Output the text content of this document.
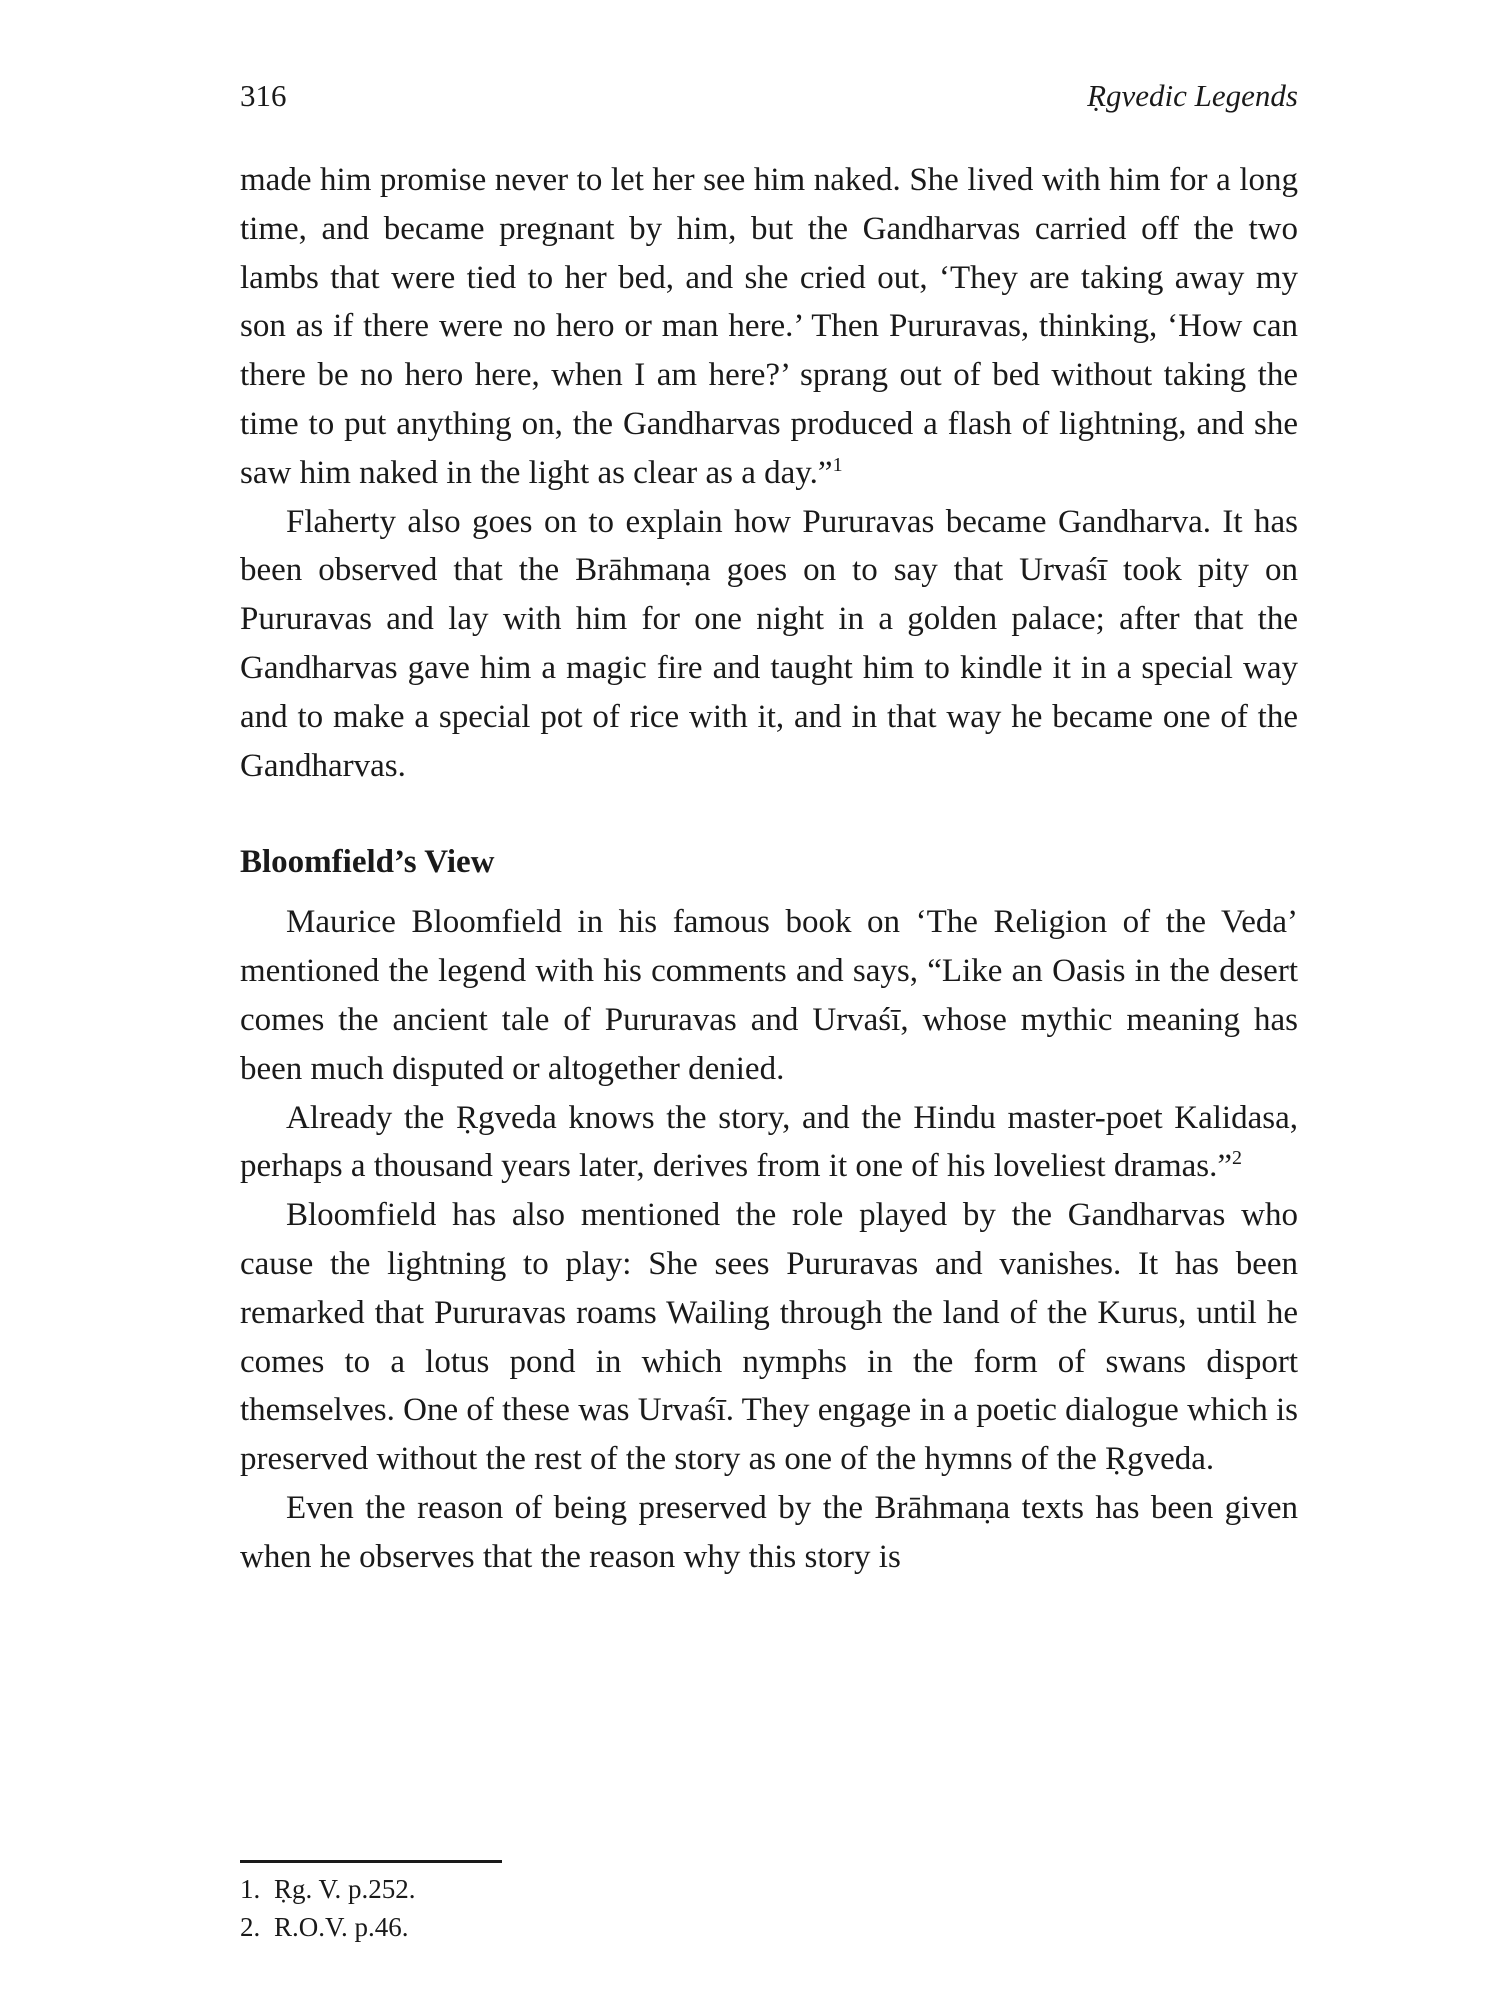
316	Ṛgvedic Legends

made him promise never to let her see him naked. She lived with him for a long time, and became pregnant by him, but the Gandharvas carried off the two lambs that were tied to her bed, and she cried out, ‘They are taking away my son as if there were no hero or man here.’ Then Pururavas, thinking, ‘How can there be no hero here, when I am here?’ sprang out of bed without taking the time to put anything on, the Gandharvas produced a flash of lightning, and she saw him naked in the light as clear as a day.”$^1$

Flaherty also goes on to explain how Pururavas became Gandharva. It has been observed that the Brāhmaṇa goes on to say that Urvaśī took pity on Pururavas and lay with him for one night in a golden palace; after that the Gandharvas gave him a magic fire and taught him to kindle it in a special way and to make a special pot of rice with it, and in that way he became one of the Gandharvas.

Bloomfield’s View

Maurice Bloomfield in his famous book on ‘The Religion of the Veda’ mentioned the legend with his comments and says, “Like an Oasis in the desert comes the ancient tale of Pururavas and Urvaśī, whose mythic meaning has been much disputed or altogether denied.

Already the Ṛgveda knows the story, and the Hindu master-poet Kalidasa, perhaps a thousand years later, derives from it one of his loveliest dramas.”$^2$

Bloomfield has also mentioned the role played by the Gandharvas who cause the lightning to play: She sees Pururavas and vanishes. It has been remarked that Pururavas roams Wailing through the land of the Kurus, until he comes to a lotus pond in which nymphs in the form of swans disport themselves. One of these was Urvaśī. They engage in a poetic dialogue which is preserved without the rest of the story as one of the hymns of the Ṛgveda.

Even the reason of being preserved by the Brāhmaṇa texts has been given when he observes that the reason why this story is

1. Ṛg. V. p.252.
2. R.O.V. p.46.
